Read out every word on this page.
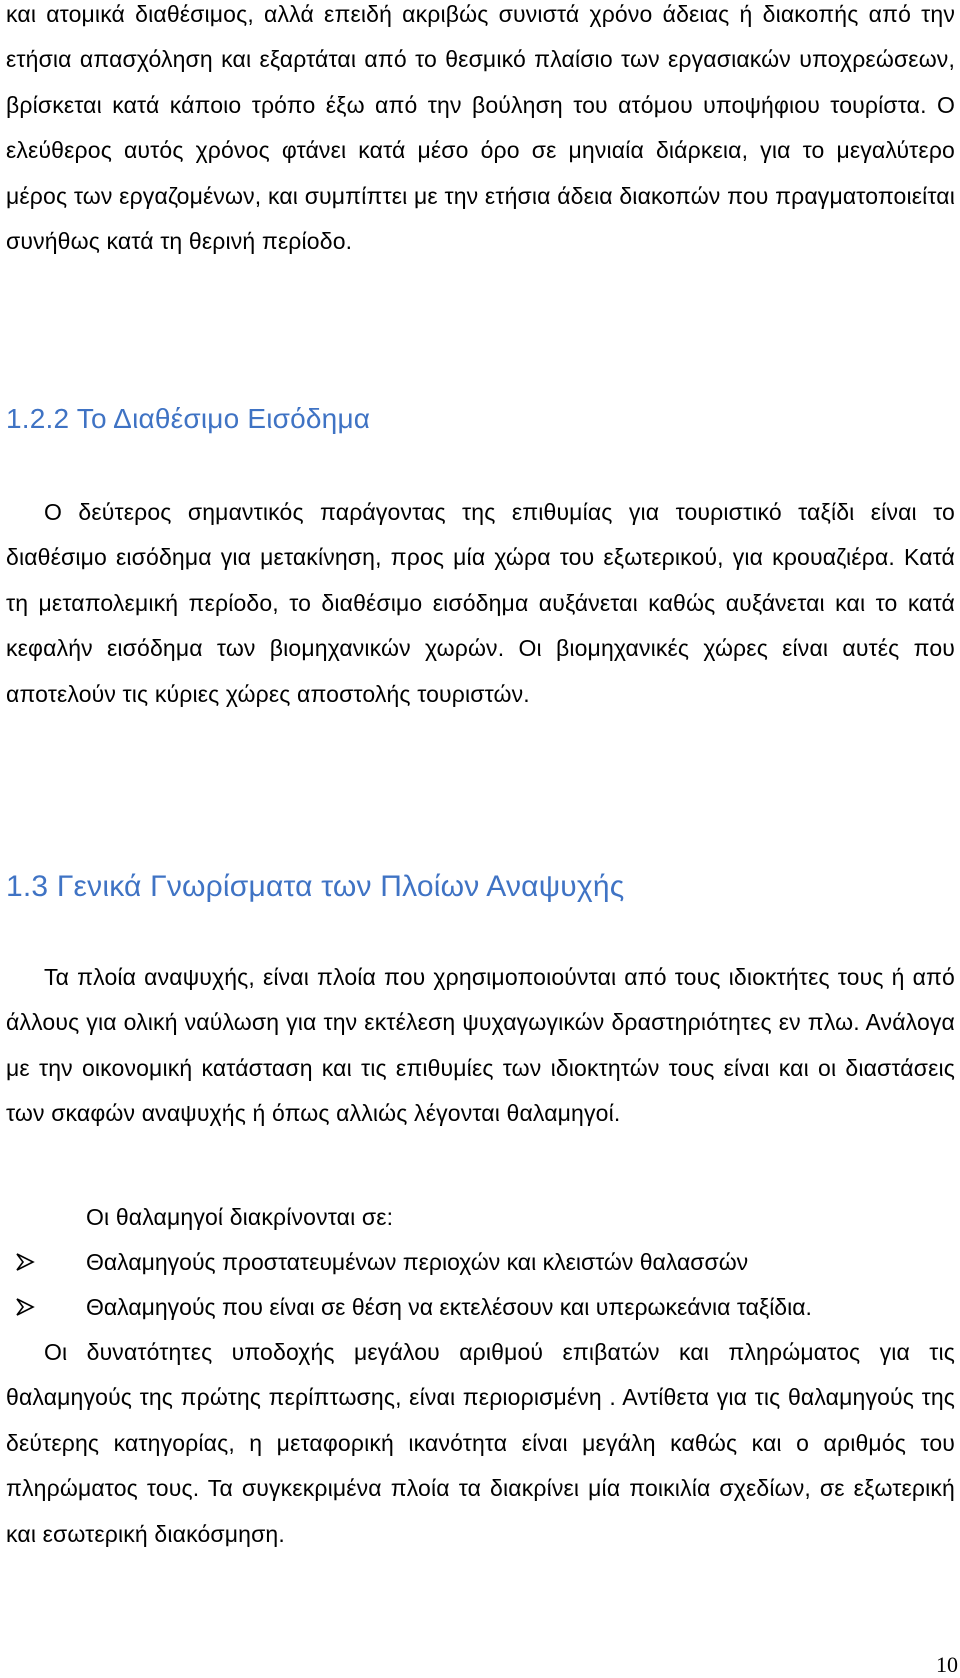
και ατομικά διαθέσιμος, αλλά επειδή ακριβώς συνιστά χρόνο άδειας ή διακοπής από την ετήσια απασχόληση και εξαρτάται από το θεσμικό πλαίσιο των εργασιακών υποχρεώσεων, βρίσκεται κατά κάποιο τρόπο έξω από την βούληση του ατόμου υποψήφιου τουρίστα. Ο ελεύθερος αυτός χρόνος φτάνει κατά μέσο όρο σε μηνιαία διάρκεια, για το μεγαλύτερο μέρος των εργαζομένων, και συμπίπτει με την ετήσια άδεια διακοπών που πραγματοποιείται συνήθως κατά τη θερινή περίοδο.

1.2.2 Το Διαθέσιμο Εισόδημα

Ο δεύτερος σημαντικός παράγοντας της επιθυμίας για τουριστικό ταξίδι είναι το διαθέσιμο εισόδημα για μετακίνηση, προς μία χώρα του εξωτερικού, για κρουαζιέρα. Κατά τη μεταπολεμική περίοδο, το διαθέσιμο εισόδημα αυξάνεται καθώς αυξάνεται και το κατά κεφαλήν εισόδημα των βιομηχανικών χωρών. Οι βιομηχανικές χώρες είναι αυτές που αποτελούν τις κύριες χώρες αποστολής τουριστών.

1.3 Γενικά Γνωρίσματα των Πλοίων Αναψυχής

Τα πλοία αναψυχής, είναι πλοία που χρησιμοποιούνται από τους ιδιοκτήτες τους ή από άλλους για ολική ναύλωση για την εκτέλεση ψυχαγωγικών δραστηριότητες εν πλω. Ανάλογα με την οικονομική κατάσταση και τις επιθυμίες των ιδιοκτητών τους είναι και οι διαστάσεις των σκαφών αναψυχής ή όπως αλλιώς λέγονται θαλαμηγοί.

Οι θαλαμηγοί διακρίνονται σε:

Θαλαμηγούς προστατευμένων περιοχών και κλειστών θαλασσών
Θαλαμηγούς που είναι σε θέση να εκτελέσουν και υπερωκεάνια ταξίδια.

Οι δυνατότητες υποδοχής μεγάλου αριθμού επιβατών και πληρώματος για τις θαλαμηγούς της πρώτης περίπτωσης, είναι περιορισμένη . Αντίθετα για τις θαλαμηγούς της δεύτερης κατηγορίας, η μεταφορική ικανότητα είναι μεγάλη καθώς και ο αριθμός του πληρώματος τους. Τα συγκεκριμένα πλοία τα διακρίνει μία ποικιλία σχεδίων, σε εξωτερική και εσωτερική διακόσμηση.

10
